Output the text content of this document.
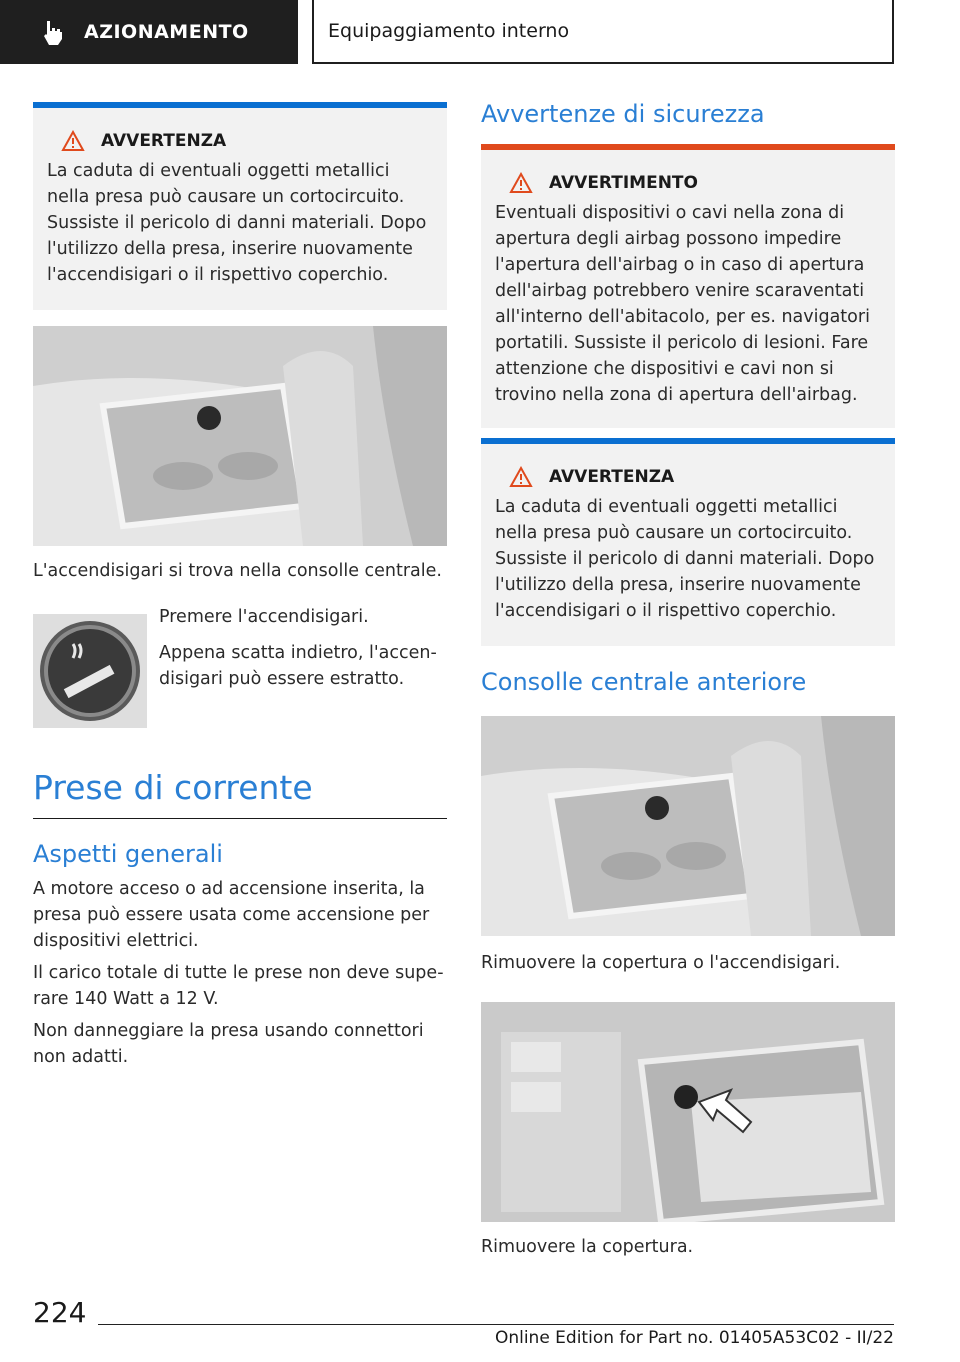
AZIONAMENTO	Equipaggiamento interno
AVVERTENZA

La caduta di eventuali oggetti metallici nella presa può causare un cortocircuito. Sussiste il pericolo di danni materiali. Dopo l'utilizzo della presa, inserire nuovamente l'accendisigari o il rispettivo coperchio.

L'accendisigari si trova nella consolle centrale.

Premere l'accendisigari.

Appena scatta indietro, l'accendisigari può essere estratto.

Prese di corrente
Aspetti generali

A motore acceso o ad accensione inserita, la presa può essere usata come accensione per dispositivi elettrici.

Il carico totale di tutte le prese non deve superare 140 Watt a 12 V.

Non danneggiare la presa usando connettori non adatti.

Avvertenze di sicurezza
AVVERTIMENTO

Eventuali dispositivi o cavi nella zona di apertura degli airbag possono impedire l'apertura dell'airbag o in caso di apertura dell'airbag potrebbero venire scaraventati all'interno dell'abitacolo, per es. navigatori portatili. Sussiste il pericolo di lesioni. Fare attenzione che dispositivi e cavi non si trovino nella zona di apertura dell'airbag.

AVVERTENZA

La caduta di eventuali oggetti metallici nella presa può causare un cortocircuito. Sussiste il pericolo di danni materiali. Dopo l'utilizzo della presa, inserire nuovamente l'accendisigari o il rispettivo coperchio.

Consolle centrale anteriore

Rimuovere la copertura o l'accendisigari.

Rimuovere la copertura.

224
Online Edition for Part no. 01405A53C02 - II/22
